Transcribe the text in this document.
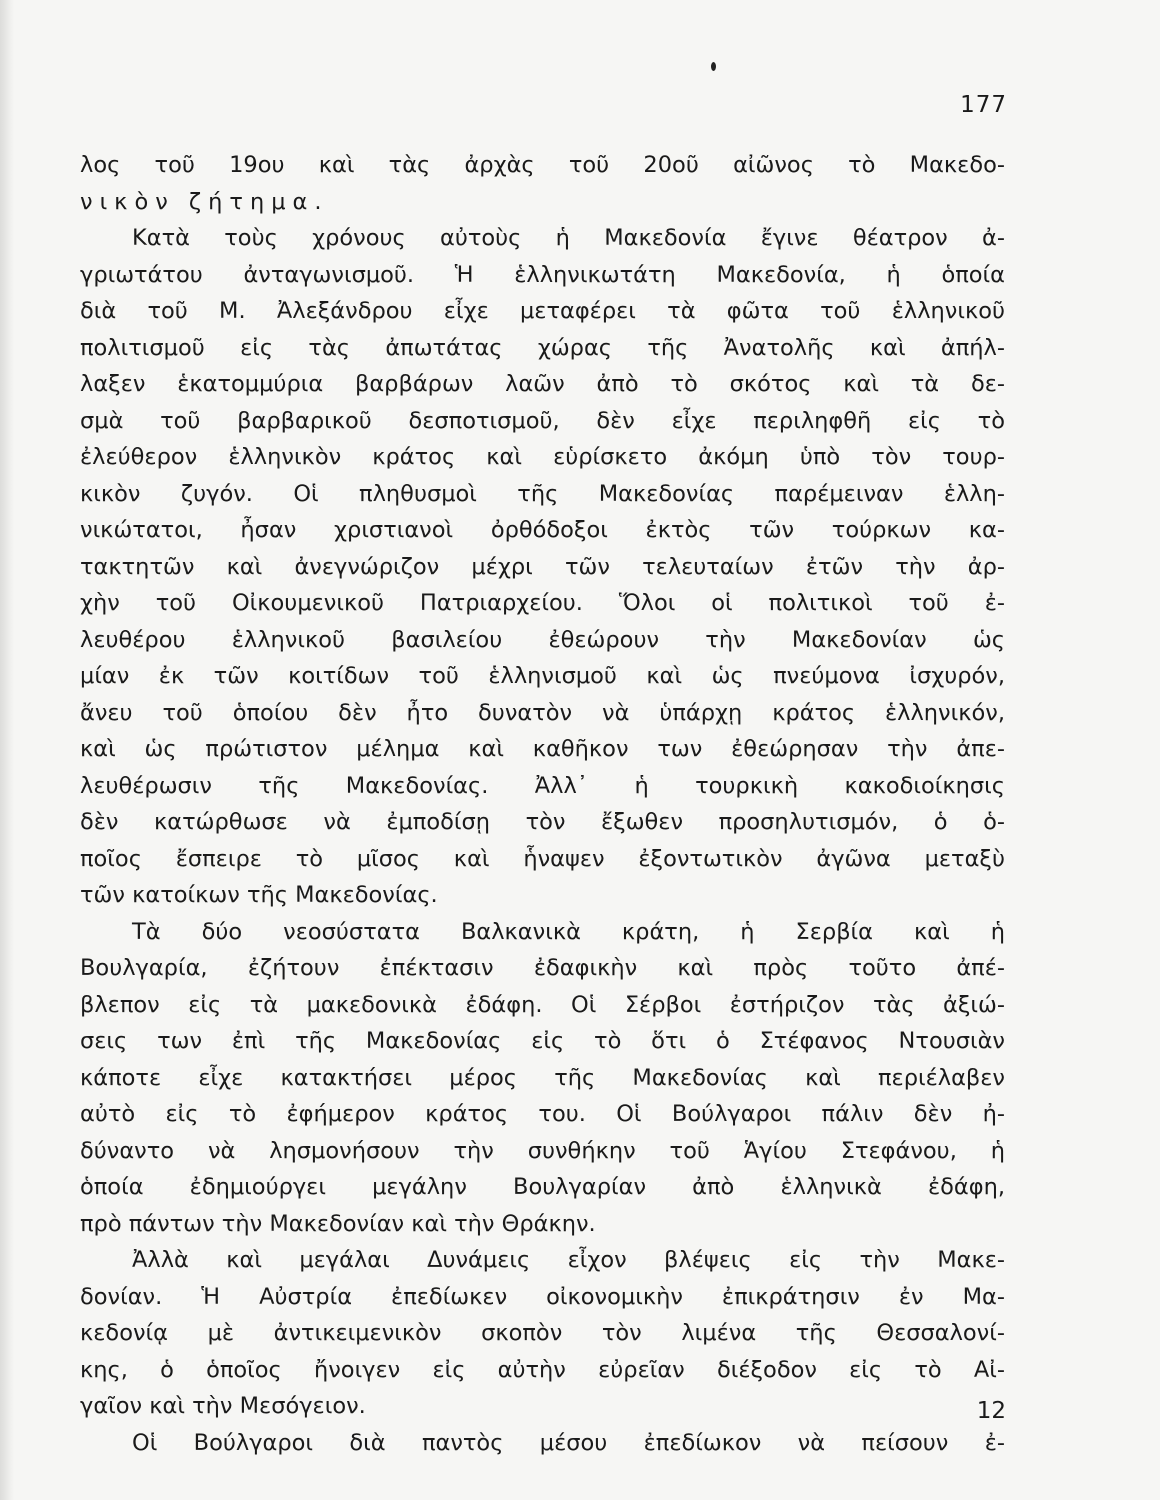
177
λος τοῦ 19ου καὶ τὰς ἀρχὰς τοῦ 20οῦ αἰῶνος τὸ Μακεδο-
νικὸν ζήτημα.
Κατὰ τοὺς χρόνους αὐτοὺς ἡ Μακεδονία ἔγινε θέατρον ἀ-
γριωτάτου ἀνταγωνισμοῦ. Ἡ ἑλληνικωτάτη Μακεδονία, ἡ ὁποία
διὰ τοῦ Μ. Ἀλεξάνδρου εἶχε μεταφέρει τὰ φῶτα τοῦ ἑλληνικοῦ
πολιτισμοῦ εἰς τὰς ἀπωτάτας χώρας τῆς Ἀνατολῆς καὶ ἀπήλ-
λαξεν ἑκατομμύρια βαρβάρων λαῶν ἀπὸ τὸ σκότος καὶ τὰ δε-
σμὰ τοῦ βαρβαρικοῦ δεσποτισμοῦ, δὲν εἶχε περιληφθῆ εἰς τὸ
ἐλεύθερον ἑλληνικὸν κράτος καὶ εὑρίσκετο ἀκόμη ὑπὸ τὸν τουρ-
κικὸν ζυγόν. Οἱ πληθυσμοὶ τῆς Μακεδονίας παρέμειναν ἑλλη-
νικώτατοι, ἦσαν χριστιανοὶ ὀρθόδοξοι ἐκτὸς τῶν τούρκων κα-
τακτητῶν καὶ ἀνεγνώριζον μέχρι τῶν τελευταίων ἐτῶν τὴν ἀρ-
χὴν τοῦ Οἰκουμενικοῦ Πατριαρχείου. Ὅλοι οἱ πολιτικοὶ τοῦ ἐ-
λευθέρου ἑλληνικοῦ βασιλείου ἐθεώρουν τὴν Μακεδονίαν ὡς
μίαν ἐκ τῶν κοιτίδων τοῦ ἑλληνισμοῦ καὶ ὡς πνεύμονα ἰσχυρόν,
ἄνευ τοῦ ὁποίου δὲν ἦτο δυνατὸν νὰ ὑπάρχῃ κράτος ἑλληνικόν,
καὶ ὡς πρώτιστον μέλημα καὶ καθῆκον των ἐθεώρησαν τὴν ἀπε-
λευθέρωσιν τῆς Μακεδονίας. Ἀλλ᾽ ἡ τουρκικὴ κακοδιοίκησις
δὲν κατώρθωσε νὰ ἐμποδίσῃ τὸν ἔξωθεν προσηλυτισμόν, ὁ ὁ-
ποῖος ἔσπειρε τὸ μῖσος καὶ ἧναψεν ἐξοντωτικὸν ἀγῶνα μεταξὺ
τῶν κατοίκων τῆς Μακεδονίας.
Τὰ δύο νεοσύστατα Βαλκανικὰ κράτη, ἡ Σερβία καὶ ἡ
Βουλγαρία, ἐζήτουν ἐπέκτασιν ἐδαφικὴν καὶ πρὸς τοῦτο ἀπέ-
βλεπον εἰς τὰ μακεδονικὰ ἐδάφη. Οἱ Σέρβοι ἐστήριζον τὰς ἀξιώ-
σεις των ἐπὶ τῆς Μακεδονίας εἰς τὸ ὅτι ὁ Στέφανος Ντουσιὰν
κάποτε εἶχε κατακτήσει μέρος τῆς Μακεδονίας καὶ περιέλαβεν
αὐτὸ εἰς τὸ ἐφήμερον κράτος του. Οἱ Βούλγαροι πάλιν δὲν ἠ-
δύναντο νὰ λησμονήσουν τὴν συνθήκην τοῦ Ἁγίου Στεφάνου, ἡ
ὁποία ἐδημιούργει μεγάλην Βουλγαρίαν ἀπὸ ἑλληνικὰ ἐδάφη,
πρὸ πάντων τὴν Μακεδονίαν καὶ τὴν Θράκην.
Ἀλλὰ καὶ μεγάλαι Δυνάμεις εἶχον βλέψεις εἰς τὴν Μακε-
δονίαν. Ἡ Αὐστρία ἐπεδίωκεν οἰκονομικὴν ἐπικράτησιν ἐν Μα-
κεδονίᾳ μὲ ἀντικειμενικὸν σκοπὸν τὸν λιμένα τῆς Θεσσαλονί-
κης, ὁ ὁποῖος ἤνοιγεν εἰς αὐτὴν εὐρεῖαν διέξοδον εἰς τὸ Αἰ-
γαῖον καὶ τὴν Μεσόγειον.
Οἱ Βούλγαροι διὰ παντὸς μέσου ἐπεδίωκον νὰ πείσουν ἐ-
12
